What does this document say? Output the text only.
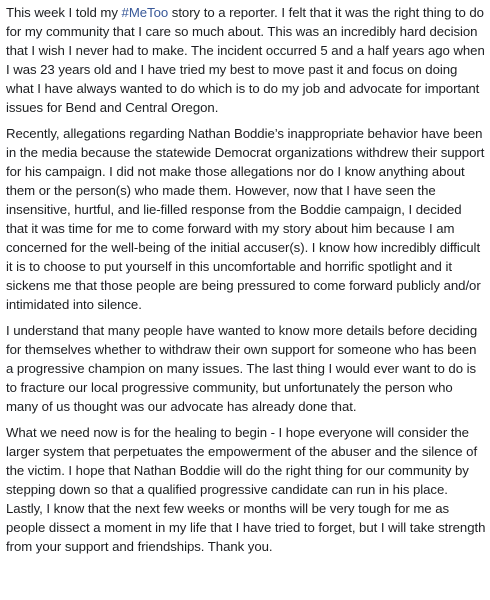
This week I told my #MeToo story to a reporter. I felt that it was the right thing to do for my community that I care so much about. This was an incredibly hard decision that I wish I never had to make. The incident occurred 5 and a half years ago when I was 23 years old and I have tried my best to move past it and focus on doing what I have always wanted to do which is to do my job and advocate for important issues for Bend and Central Oregon.

Recently, allegations regarding Nathan Boddie’s inappropriate behavior have been in the media because the statewide Democrat organizations withdrew their support for his campaign. I did not make those allegations nor do I know anything about them or the person(s) who made them. However, now that I have seen the insensitive, hurtful, and lie-filled response from the Boddie campaign, I decided that it was time for me to come forward with my story about him because I am concerned for the well-being of the initial accuser(s). I know how incredibly difficult it is to choose to put yourself in this uncomfortable and horrific spotlight and it sickens me that those people are being pressured to come forward publicly and/or intimidated into silence.

I understand that many people have wanted to know more details before deciding for themselves whether to withdraw their own support for someone who has been a progressive champion on many issues. The last thing I would ever want to do is to fracture our local progressive community, but unfortunately the person who many of us thought was our advocate has already done that.

What we need now is for the healing to begin - I hope everyone will consider the larger system that perpetuates the empowerment of the abuser and the silence of the victim. I hope that Nathan Boddie will do the right thing for our community by stepping down so that a qualified progressive candidate can run in his place. Lastly, I know that the next few weeks or months will be very tough for me as people dissect a moment in my life that I have tried to forget, but I will take strength from your support and friendships. Thank you.
